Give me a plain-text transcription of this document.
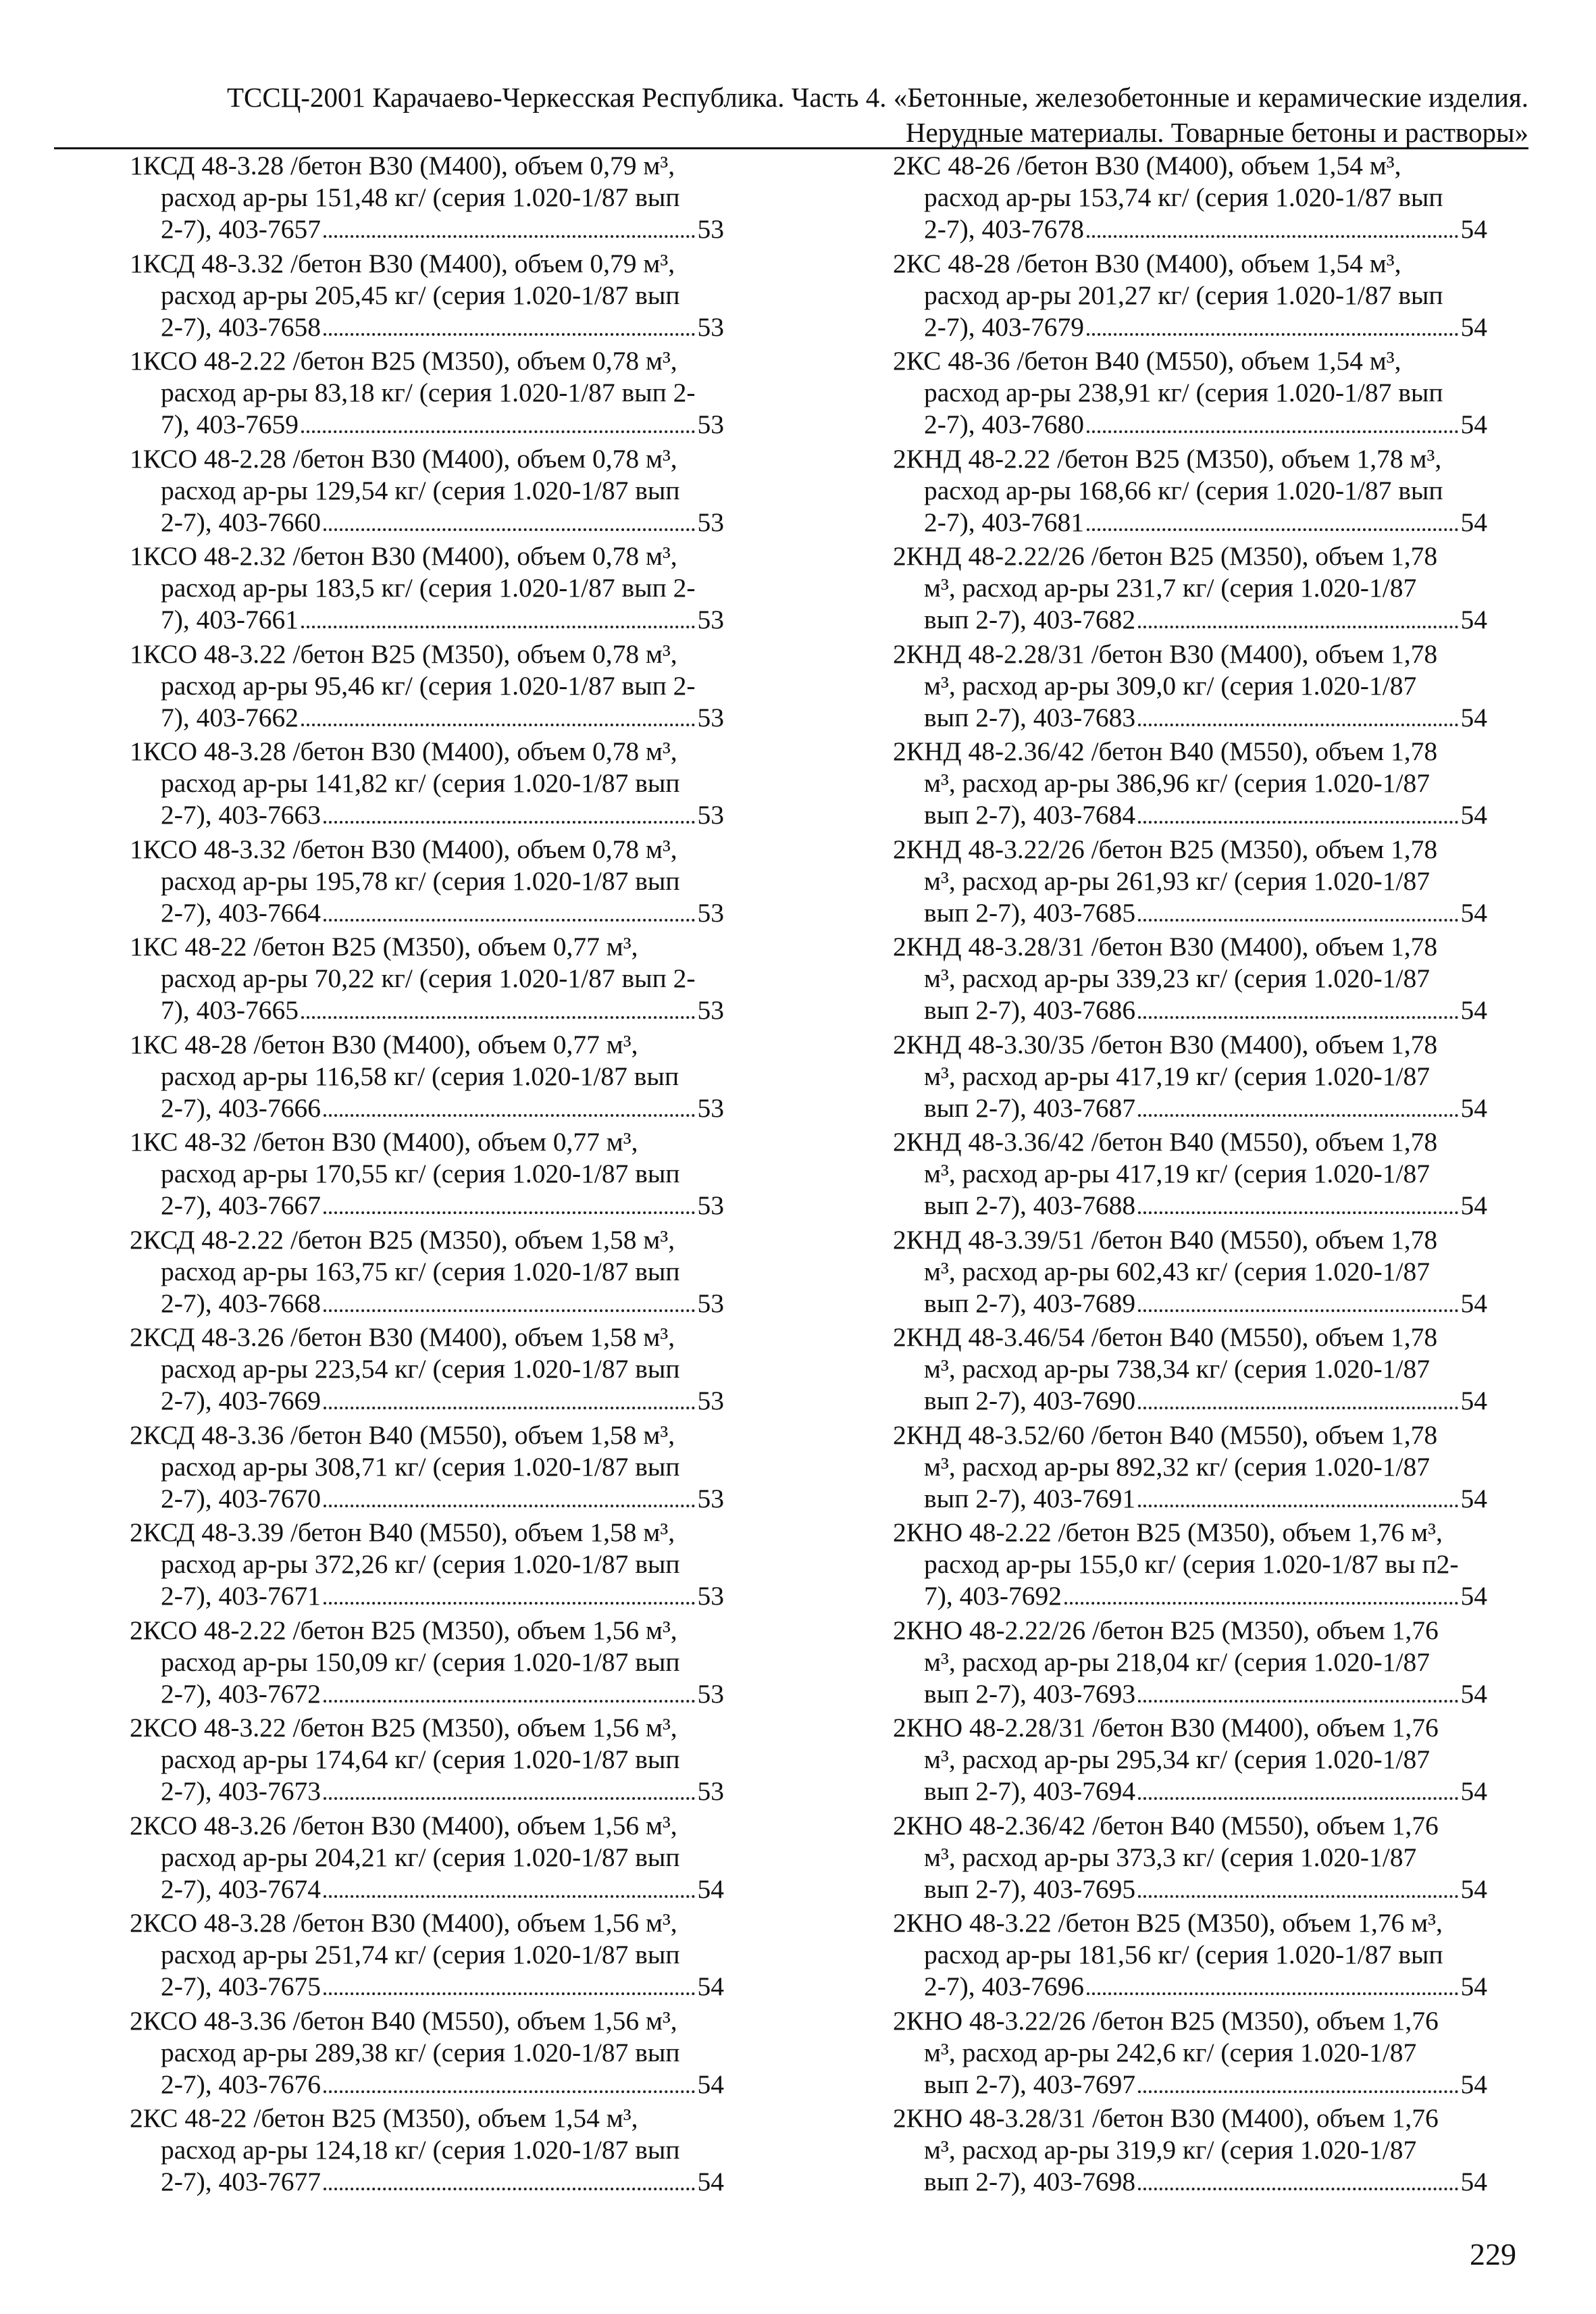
ТССЦ-2001 Карачаево-Черкесская Республика. Часть 4. «Бетонные, железобетонные и керамические изделия.
Нерудные материалы. Товарные бетоны и растворы»
1КСД 48-3.28 /бетон В30 (М400), объем 0,79 м³,
расход ар-ры 151,48 кг/ (серия 1.020-1/87 вып
2-7), 403-7657	53
1КСД 48-3.32 /бетон В30 (М400), объем 0,79 м³,
расход ар-ры 205,45 кг/ (серия 1.020-1/87 вып
2-7), 403-7658	53
1КСО 48-2.22 /бетон В25 (М350), объем 0,78 м³,
расход ар-ры 83,18 кг/ (серия 1.020-1/87 вып 2-
7), 403-7659	53
1КСО 48-2.28 /бетон В30 (М400), объем 0,78 м³,
расход ар-ры 129,54 кг/ (серия 1.020-1/87 вып
2-7), 403-7660	53
1КСО 48-2.32 /бетон В30 (М400), объем 0,78 м³,
расход ар-ры 183,5 кг/ (серия 1.020-1/87 вып 2-
7), 403-7661	53
1КСО 48-3.22 /бетон В25 (М350), объем 0,78 м³,
расход ар-ры 95,46 кг/ (серия 1.020-1/87 вып 2-
7), 403-7662	53
1КСО 48-3.28 /бетон В30 (М400), объем 0,78 м³,
расход ар-ры 141,82 кг/ (серия 1.020-1/87 вып
2-7), 403-7663	53
1КСО 48-3.32 /бетон В30 (М400), объем 0,78 м³,
расход ар-ры 195,78 кг/ (серия 1.020-1/87 вып
2-7), 403-7664	53
1КС 48-22 /бетон В25 (М350), объем 0,77 м³,
расход ар-ры 70,22 кг/ (серия 1.020-1/87 вып 2-
7), 403-7665	53
1КС 48-28 /бетон В30 (М400), объем 0,77 м³,
расход ар-ры 116,58 кг/ (серия 1.020-1/87 вып
2-7), 403-7666	53
1КС 48-32 /бетон В30 (М400), объем 0,77 м³,
расход ар-ры 170,55 кг/ (серия 1.020-1/87 вып
2-7), 403-7667	53
2КСД 48-2.22 /бетон В25 (М350), объем 1,58 м³,
расход ар-ры 163,75 кг/ (серия 1.020-1/87 вып
2-7), 403-7668	53
2КСД 48-3.26 /бетон В30 (М400), объем 1,58 м³,
расход ар-ры 223,54 кг/ (серия 1.020-1/87 вып
2-7), 403-7669	53
2КСД 48-3.36 /бетон В40 (М550), объем 1,58 м³,
расход ар-ры 308,71 кг/ (серия 1.020-1/87 вып
2-7), 403-7670	53
2КСД 48-3.39 /бетон В40 (М550), объем 1,58 м³,
расход ар-ры 372,26 кг/ (серия 1.020-1/87 вып
2-7), 403-7671	53
2КСО 48-2.22 /бетон В25 (М350), объем 1,56 м³,
расход ар-ры 150,09 кг/ (серия 1.020-1/87 вып
2-7), 403-7672	53
2КСО 48-3.22 /бетон В25 (М350), объем 1,56 м³,
расход ар-ры 174,64 кг/ (серия 1.020-1/87 вып
2-7), 403-7673	53
2КСО 48-3.26 /бетон В30 (М400), объем 1,56 м³,
расход ар-ры 204,21 кг/ (серия 1.020-1/87 вып
2-7), 403-7674	54
2КСО 48-3.28 /бетон В30 (М400), объем 1,56 м³,
расход ар-ры 251,74 кг/ (серия 1.020-1/87 вып
2-7), 403-7675	54
2КСО 48-3.36 /бетон В40 (М550), объем 1,56 м³,
расход ар-ры 289,38 кг/ (серия 1.020-1/87 вып
2-7), 403-7676	54
2КС 48-22 /бетон В25 (М350), объем 1,54 м³,
расход ар-ры 124,18 кг/ (серия 1.020-1/87 вып
2-7), 403-7677	54
2КС 48-26 /бетон В30 (М400), объем 1,54 м³,
расход ар-ры 153,74 кг/ (серия 1.020-1/87 вып
2-7), 403-7678	54
2КС 48-28 /бетон В30 (М400), объем 1,54 м³,
расход ар-ры 201,27 кг/ (серия 1.020-1/87 вып
2-7), 403-7679	54
2КС 48-36 /бетон В40 (М550), объем 1,54 м³,
расход ар-ры 238,91 кг/ (серия 1.020-1/87 вып
2-7), 403-7680	54
2КНД 48-2.22 /бетон В25 (М350), объем 1,78 м³,
расход ар-ры 168,66 кг/ (серия 1.020-1/87 вып
2-7), 403-7681	54
2КНД 48-2.22/26 /бетон В25 (М350), объем 1,78
м³, расход ар-ры 231,7 кг/ (серия 1.020-1/87
вып 2-7), 403-7682	54
2КНД 48-2.28/31 /бетон В30 (М400), объем 1,78
м³, расход ар-ры 309,0 кг/ (серия 1.020-1/87
вып 2-7), 403-7683	54
2КНД 48-2.36/42 /бетон В40 (М550), объем 1,78
м³, расход ар-ры 386,96 кг/ (серия 1.020-1/87
вып 2-7), 403-7684	54
2КНД 48-3.22/26 /бетон В25 (М350), объем 1,78
м³, расход ар-ры 261,93 кг/ (серия 1.020-1/87
вып 2-7), 403-7685	54
2КНД 48-3.28/31 /бетон В30 (М400), объем 1,78
м³, расход ар-ры 339,23 кг/ (серия 1.020-1/87
вып 2-7), 403-7686	54
2КНД 48-3.30/35 /бетон В30 (М400), объем 1,78
м³, расход ар-ры 417,19 кг/ (серия 1.020-1/87
вып 2-7), 403-7687	54
2КНД 48-3.36/42 /бетон В40 (М550), объем 1,78
м³, расход ар-ры 417,19 кг/ (серия 1.020-1/87
вып 2-7), 403-7688	54
2КНД 48-3.39/51 /бетон В40 (М550), объем 1,78
м³, расход ар-ры 602,43 кг/ (серия 1.020-1/87
вып 2-7), 403-7689	54
2КНД 48-3.46/54 /бетон В40 (М550), объем 1,78
м³, расход ар-ры 738,34 кг/ (серия 1.020-1/87
вып 2-7), 403-7690	54
2КНД 48-3.52/60 /бетон В40 (М550), объем 1,78
м³, расход ар-ры 892,32 кг/ (серия 1.020-1/87
вып 2-7), 403-7691	54
2КНО 48-2.22 /бетон В25 (М350), объем 1,76 м³,
расход ар-ры 155,0 кг/ (серия 1.020-1/87 вы п2-
7), 403-7692	54
2КНО 48-2.22/26 /бетон В25 (М350), объем 1,76
м³, расход ар-ры 218,04 кг/ (серия 1.020-1/87
вып 2-7), 403-7693	54
2КНО 48-2.28/31 /бетон В30 (М400), объем 1,76
м³, расход ар-ры 295,34 кг/ (серия 1.020-1/87
вып 2-7), 403-7694	54
2КНО 48-2.36/42 /бетон В40 (М550), объем 1,76
м³, расход ар-ры 373,3 кг/ (серия 1.020-1/87
вып 2-7), 403-7695	54
2КНО 48-3.22 /бетон В25 (М350), объем 1,76 м³,
расход ар-ры 181,56 кг/ (серия 1.020-1/87 вып
2-7), 403-7696	54
2КНО 48-3.22/26 /бетон В25 (М350), объем 1,76
м³, расход ар-ры 242,6 кг/ (серия 1.020-1/87
вып 2-7), 403-7697	54
2КНО 48-3.28/31 /бетон В30 (М400), объем 1,76
м³, расход ар-ры 319,9 кг/ (серия 1.020-1/87
вып 2-7), 403-7698	54
229
